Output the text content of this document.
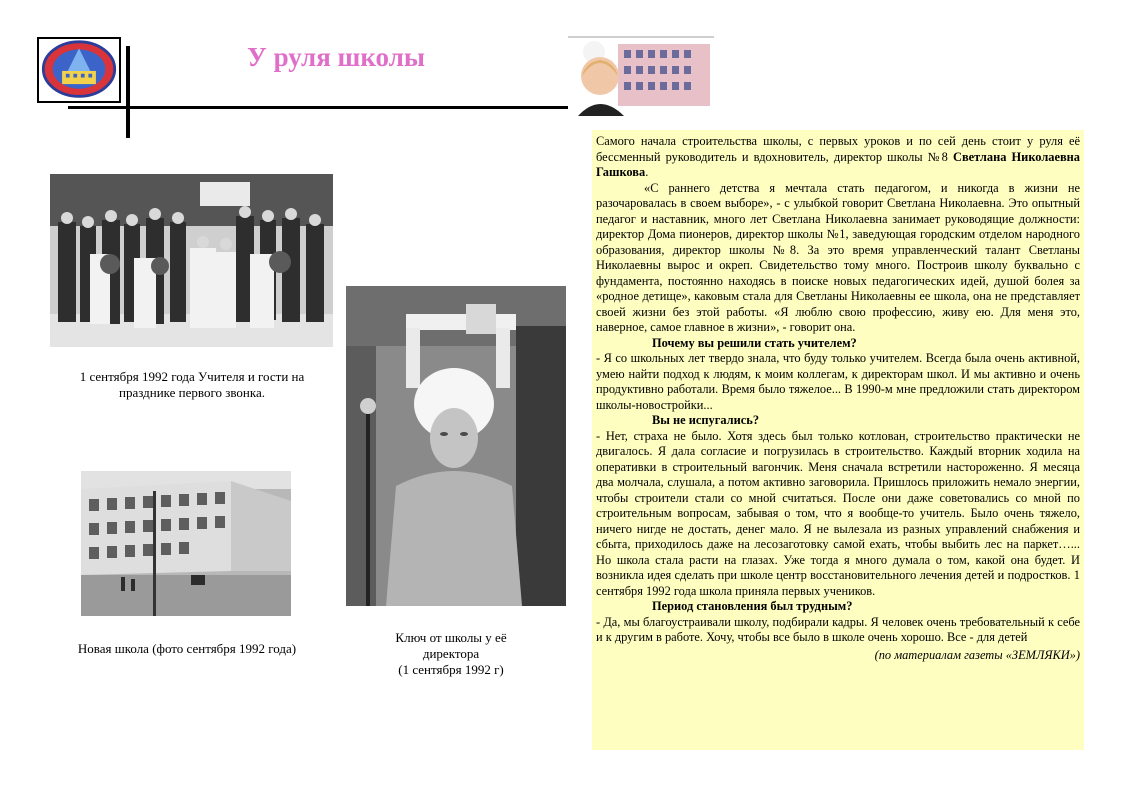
У руля школы
1 сентября 1992 года Учителя и гости на празднике первого звонка.
Новая школа (фото сентября 1992 года)
Ключ от школы у её
директора
(1 сентября 1992 г)

Самого начала строительства школы, с первых уроков и по сей день стоит у руля её бессменный руководитель и вдохновитель, директор школы №8 Светлана Николаевна Гашкова.

«С раннего детства я мечтала стать педагогом, и никогда в жизни не разочаровалась в своем выборе», - с улыбкой говорит Светлана Николаевна. Это опытный педагог и наставник, много лет Светлана Николаевна занимает руководящие должности: директор Дома пионеров, директор школы №1, заведующая городским отделом народного образования, директор школы №8. За это время управленческий талант Светланы Николаевны вырос и окреп. Свидетельство тому много. Построив школу буквально с фундамента, постоянно находясь в поиске новых педагогических идей, душой болея за «родное детище», каковым стала для Светланы Николаевны ее школа, она не представляет своей жизни без этой работы. «Я люблю свою профессию, живу ею. Для меня это, наверное, самое главное в жизни», - говорит она.

Почему вы решили стать учителем?

- Я со школьных лет твердо знала, что буду только учителем. Всегда была очень активной, умею найти подход к людям, к моим коллегам, к директорам школ. И мы активно и очень продуктивно работали. Время было тяжелое... В 1990-м мне предложили стать директором школы-новостройки...

Вы не испугались?

- Нет, страха не было. Хотя здесь был только котлован, строительство практически не двигалось. Я дала согласие и погрузилась в строительство. Каждый вторник ходила на оперативки в строительный вагончик. Меня сначала встретили настороженно. Я месяца два молчала, слушала, а потом активно заговорила. Пришлось приложить немало энергии, чтобы строители стали со мной считаться. После они даже советовались со мной по строительным вопросам, забывая о том, что я вообще-то учитель. Было очень тяжело, ничего нигде не достать, денег мало. Я не вылезала из разных управлений снабжения и сбыта, приходилось даже на лесозаготовку самой ехать, чтобы выбить лес на паркет…... Но школа стала расти на глазах. Уже тогда я много думала о том, какой она будет. И возникла идея сделать при школе центр восстановительного лечения детей и подростков. 1 сентября 1992 года школа приняла первых учеников.

Период становления был трудным?

- Да, мы благоустраивали школу, подбирали кадры. Я человек очень требовательный к себе и к другим в работе. Хочу, чтобы все было в школе очень хорошо. Все - для детей

(по материалам газеты «ЗЕМЛЯКИ»)
